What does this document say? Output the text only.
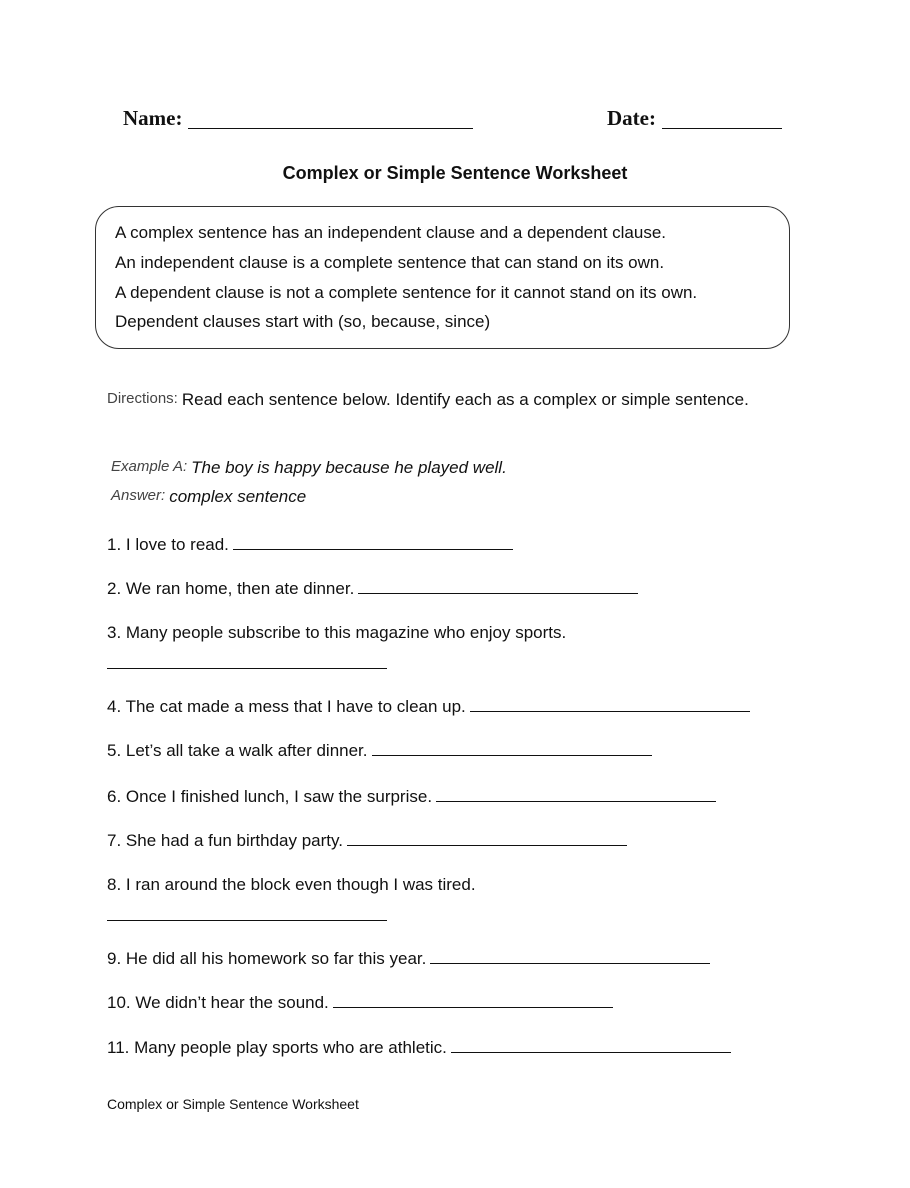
Name:	Date:
Complex or Simple Sentence Worksheet
A complex sentence has an independent clause and a dependent clause.
An independent clause is a complete sentence that can stand on its own.
A dependent clause is not a complete sentence for it cannot stand on its own.
Dependent clauses start with (so, because, since)
Directions: Read each sentence below. Identify each as a complex or simple sentence.
Example A: The boy is happy because he played well.
Answer: complex sentence
1. I love to read.
2. We ran home, then ate dinner.
3. Many people subscribe to this magazine who enjoy sports.
4. The cat made a mess that I have to clean up.
5. Let’s all take a walk after dinner.
6. Once I finished lunch, I saw the surprise.
7. She had a fun birthday party.
8. I ran around the block even though I was tired.
9. He did all his homework so far this year.
10. We didn’t hear the sound.
11. Many people play sports who are athletic.
Complex or Simple Sentence Worksheet
